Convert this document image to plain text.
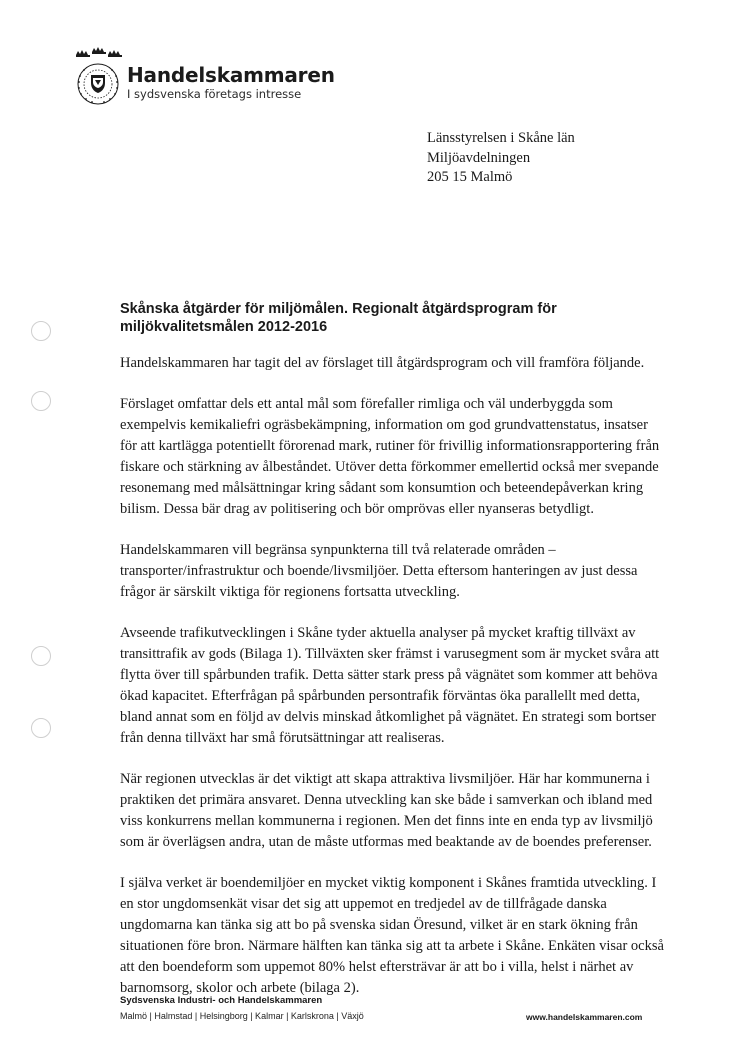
Handelskammaren
I sydsvenska företags intresse
Länsstyrelsen i Skåne län
Miljöavdelningen
205 15 Malmö
Skånska åtgärder för miljömålen. Regionalt åtgärdsprogram för
miljökvalitetsmålen 2012-2016

Handelskammaren har tagit del av förslaget till åtgärdsprogram och vill framföra följande.

Förslaget omfattar dels ett antal mål som förefaller rimliga och väl underbyggda som
exempelvis kemikaliefri ogräsbekämpning, information om god grundvattenstatus, insatser
för att kartlägga potentiellt förorenad mark, rutiner för frivillig informationsrapportering från
fiskare och stärkning av ålbeståndet. Utöver detta förkommer emellertid också mer svepande
resonemang med målsättningar kring sådant som konsumtion och beteendepåverkan kring
bilism. Dessa bär drag av politisering och bör omprövas eller nyanseras betydligt.

Handelskammaren vill begränsa synpunkterna till två relaterade områden –
transporter/infrastruktur och boende/livsmiljöer. Detta eftersom hanteringen av just dessa
frågor är särskilt viktiga för regionens fortsatta utveckling.

Avseende trafikutvecklingen i Skåne tyder aktuella analyser på mycket kraftig tillväxt av
transittrafik av gods (Bilaga 1). Tillväxten sker främst i varusegment som är mycket svåra att
flytta över till spårbunden trafik. Detta sätter stark press på vägnätet som kommer att behöva
ökad kapacitet. Efterfrågan på spårbunden persontrafik förväntas öka parallellt med detta,
bland annat som en följd av delvis minskad åtkomlighet på vägnätet. En strategi som bortser
från denna tillväxt har små förutsättningar att realiseras.

När regionen utvecklas är det viktigt att skapa attraktiva livsmiljöer. Här har kommunerna i
praktiken det primära ansvaret. Denna utveckling kan ske både i samverkan och ibland med
viss konkurrens mellan kommunerna i regionen. Men det finns inte en enda typ av livsmiljö
som är överlägsen andra, utan de måste utformas med beaktande av de boendes preferenser.

I själva verket är boendemiljöer en mycket viktig komponent i Skånes framtida utveckling. I
en stor ungdomsenkät visar det sig att uppemot en tredjedel av de tillfrågade danska
ungdomarna kan tänka sig att bo på svenska sidan Öresund, vilket är en stark ökning från
situationen före bron. Närmare hälften kan tänka sig att ta arbete i Skåne. Enkäten visar också
att den boendeform som uppemot 80% helst eftersträvar är att bo i villa, helst i närhet av
barnomsorg, skolor och arbete (bilaga 2).

Sydsvenska Industri- och Handelskammaren
Malmö | Halmstad | Helsingborg | Kalmar | Karlskrona | Växjö	www.handelskammaren.com
